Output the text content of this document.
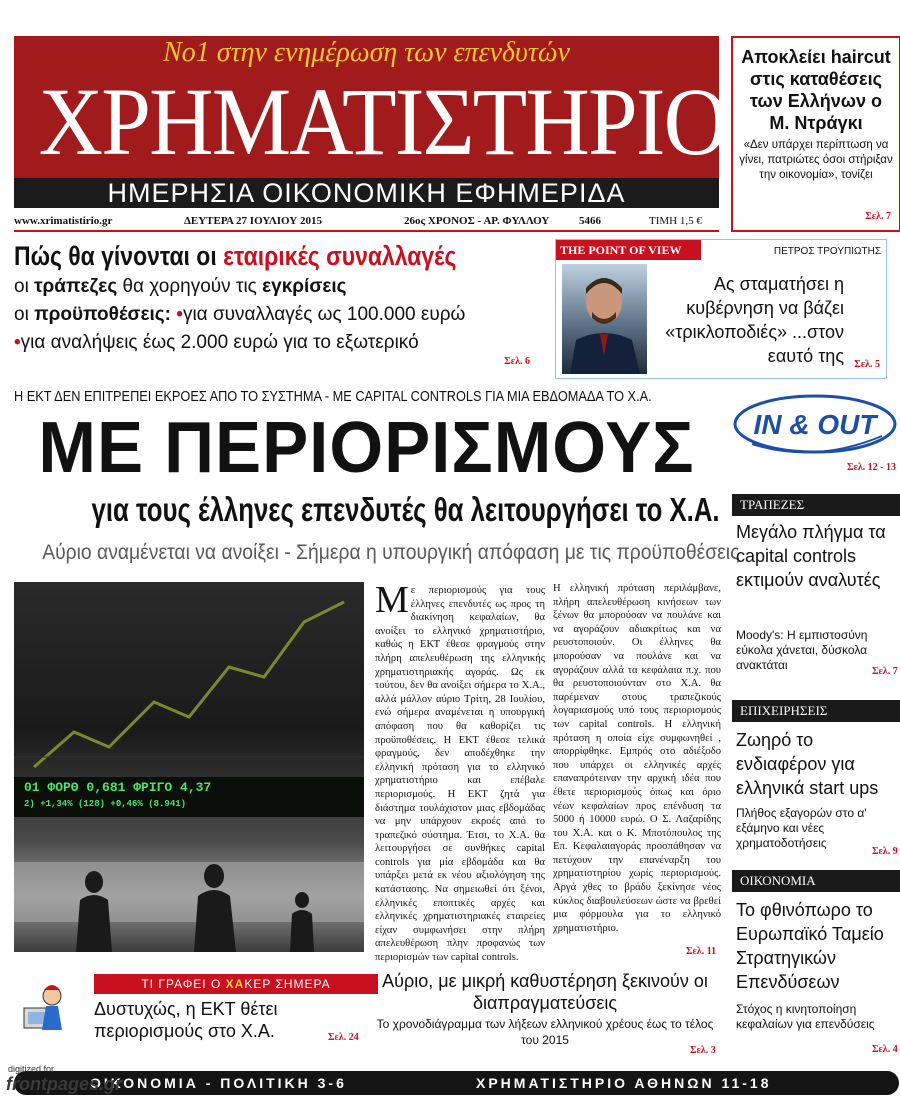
Νο1 στην ενημέρωση των επενδυτών
ΧΡΗΜΑΤΙΣΤΗΡΙΟ
ΗΜΕΡΗΣΙΑ ΟΙΚΟΝΟΜΙΚΗ ΕΦΗΜΕΡΙΔΑ
www.xrimatistirio.gr	ΔΕΥΤΕΡΑ 27 ΙΟΥΛΙΟΥ 2015	26ος ΧΡΟΝΟΣ - ΑΡ. ΦΥΛΛΟΥ	5466	ΤΙΜΗ 1,5 €
Αποκλείει haircut στις καταθέσεις των Ελλήνων ο Μ. Ντράγκι
«Δεν υπάρχει περίπτωση να γίνει, πατριώτες όσοι στήριξαν την οικονομία», τονίζει
Σελ. 7
Πώς θα γίνονται οι εταιρικές συναλλαγές
οι τράπεζες θα χορηγούν τις εγκρίσεις
οι προϋποθέσεις: •για συναλλαγές ως 100.000 ευρώ
•για αναλήψεις έως 2.000 ευρώ για το εξωτερικό
Σελ. 6
THE POINT OF VIEW	ΠΕΤΡΟΣ ΤΡΟΥΠΙΩΤΗΣ
Ας σταματήσει η κυβέρνηση να βάζει «τρικλοποδιές» ...στον εαυτό της Σελ. 5
Η ΕΚΤ ΔΕΝ ΕΠΙΤΡΕΠΕΙ ΕΚΡΟΕΣ ΑΠΟ ΤΟ ΣΥΣΤΗΜΑ - ΜΕ CAPITAL CONTROLS ΓΙΑ ΜΙΑ ΕΒΔΟΜΑΔΑ ΤΟ Χ.Α.
ΜΕ ΠΕΡΙΟΡΙΣΜΟΥΣ
για τους έλληνες επενδυτές θα λειτουργήσει το Χ.Α.
Αύριο αναμένεται να ανοίξει - Σήμερα η υπουργική απόφαση με τις προϋποθέσεις
01 ΦΟΡΘ 0,681 ΦΡΙΓΟ 4,37
2) +1,34% (128) +0,46% (8.941)
Με περιορισμούς για τους έλληνες επενδυτές ως προς τη διακίνηση κεφαλαίων, θα ανοίξει το ελληνικό χρηματιστήριο, καθώς η ΕΚΤ έθεσε φραγμούς στην πλήρη απελευθέρωση της ελληνικής χρηματιστηριακής αγοράς. Ως εκ τούτου, δεν θα ανοίξει σήμερα το Χ.Α., αλλά μάλλον αύριο Τρίτη, 28 Ιουλίου, ενώ σήμερα αναμένεται η υπουργική απόφαση που θα καθορίζει τις προϋποθέσεις. Η ΕΚΤ έθεσε τελικά φραγμούς, δεν αποδέχθηκε την ελληνική πρόταση για το ελληνικό χρηματιστήριο και επέβαλε περιορισμούς. Η ΕΚΤ ζητά για διάστημα τουλάχιστον μιας εβδομάδας να μην υπάρχουν εκροές από το τραπεζικό σύστημα. Έτσι, το Χ.Α. θα λειτουργήσει σε συνθήκες capital controls για μία εβδομάδα και θα υπάρξει μετά εκ νέου αξιολόγηση της κατάστασης. Να σημειωθεί ότι ξένοι, ελληνικές εποπτικές αρχές και ελληνικές χρηματιστηριακές εταιρείες είχαν συμφωνήσει στην πλήρη απελευθέρωση πλην προφανώς των περιορισμών των capital controls.
Η ελληνική πρόταση περιλάμβανε, πλήρη απελευθέρωση κινήσεων των ξένων θα μπορούσαν να πουλάνε και να αγοράζουν αδιακρίτως και να ρευστοποιούν. Οι έλληνες θα μπορούσαν να πουλάνε και να αγοράζουν αλλά τα κεφάλαια π.χ. που θα ρευστοποιούνταν στο Χ.Α. θα παρέμεναν στους τραπεζικούς λογαριασμούς υπό τους περιορισμούς των capital controls. Η ελληνική πρόταση η οποία είχε συμφωνηθεί , απορρίφθηκε. Εμπρός στο αδιέξοδο που υπάρχει οι ελληνικές αρχές επαναπρότειναν την αρχική ιδέα που έθετε περιορισμούς όπως και όριο νέων κεφαλαίων προς επένδυση τα 5000 ή 10000 ευρώ. Ο Σ. Λαζαρίδης του Χ.Α. και ο Κ. Μποτόπουλος της Επ. Κεφαλαιαγοράς προσπάθησαν να πετύχουν την επανέναρξη του χρηματιστηρίου χωρίς περιορισμούς. Αργά χθες το βράδυ ξεκίνησε νέος κύκλος διαβουλεύσεων ώστε να βρεθεί μια φόρμουλα για το ελληνικό χρηματιστήριο.
Σελ. 11
ΤΙ ΓΡΑΦΕΙ Ο ΧΑΚΕΡ ΣΗΜΕΡΑ
Δυστυχώς, η ΕΚΤ θέτει περιορισμούς στο Χ.Α.	Σελ. 24
Αύριο, με μικρή καθυστέρηση ξεκινούν οι διαπραγματεύσεις
Το χρονοδιάγραμμα των λήξεων ελληνικού χρέους έως το τέλος του 2015
Σελ. 3
IN & OUT
Σελ. 12 - 13
ΤΡΑΠΕΖΕΣ
Μεγάλο πλήγμα τα capital controls εκτιμούν αναλυτές
Moody's: Η εμπιστοσύνη εύκολα χάνεται, δύσκολα ανακτάται	Σελ. 7
ΕΠΙΧΕΙΡΗΣΕΙΣ
Ζωηρό το ενδιαφέρον για ελληνικά start ups
Πλήθος εξαγορών στο α' εξάμηνο και νέες χρηματοδοτήσεις
Σελ. 9
ΟΙΚΟΝΟΜΙΑ
Το φθινόπωρο το Ευρωπαϊκό Ταμείο Στρατηγικών Επενδύσεων
Στόχος η κινητοποίηση κεφαλαίων για επενδύσεις
Σελ. 4
ΟΙΚΟΝΟΜΙΑ - ΠΟΛΙΤΙΚΗ 3-6	ΧΡΗΜΑΤΙΣΤΗΡΙΟ ΑΘΗΝΩΝ 11-18
digitized for
frontpages.gr
